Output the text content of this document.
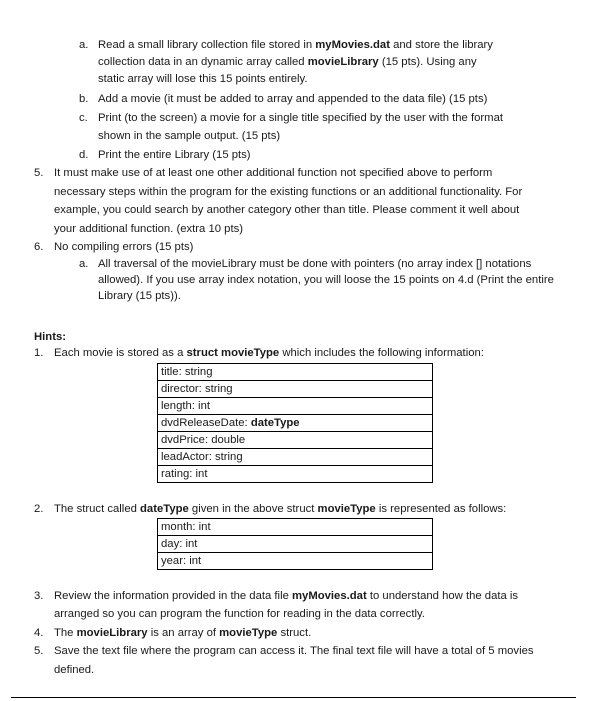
a. Read a small library collection file stored in myMovies.dat and store the library
collection data in an dynamic array called movieLibrary (15 pts). Using any
static array will lose this 15 points entirely.
b. Add a movie (it must be added to array and appended to the data file) (15 pts)
c. Print (to the screen) a movie for a single title specified by the user with the format
shown in the sample output. (15 pts)
d. Print the entire Library (15 pts)
5. It must make use of at least one other additional function not specified above to perform
necessary steps within the program for the existing functions or an additional functionality. For
example, you could search by another category other than title. Please comment it well about
your additional function. (extra 10 pts)
6. No compiling errors (15 pts)
a. All traversal of the movieLibrary must be done with pointers (no array index [] notations
allowed). If you use array index notation, you will loose the 15 points on 4.d (Print the entire
Library (15 pts)).
Hints:
1. Each movie is stored as a struct movieType which includes the following information:
title: string
director: string
length: int
dvdReleaseDate: dateType
dvdPrice: double
leadActor: string
rating: int
2. The struct called dateType given in the above struct movieType is represented as follows:
month: int
day: int
year: int
3. Review the information provided in the data file myMovies.dat to understand how the data is
arranged so you can program the function for reading in the data correctly.
4. The movieLibrary is an array of movieType struct.
5. Save the text file where the program can access it. The final text file will have a total of 5 movies
defined.
